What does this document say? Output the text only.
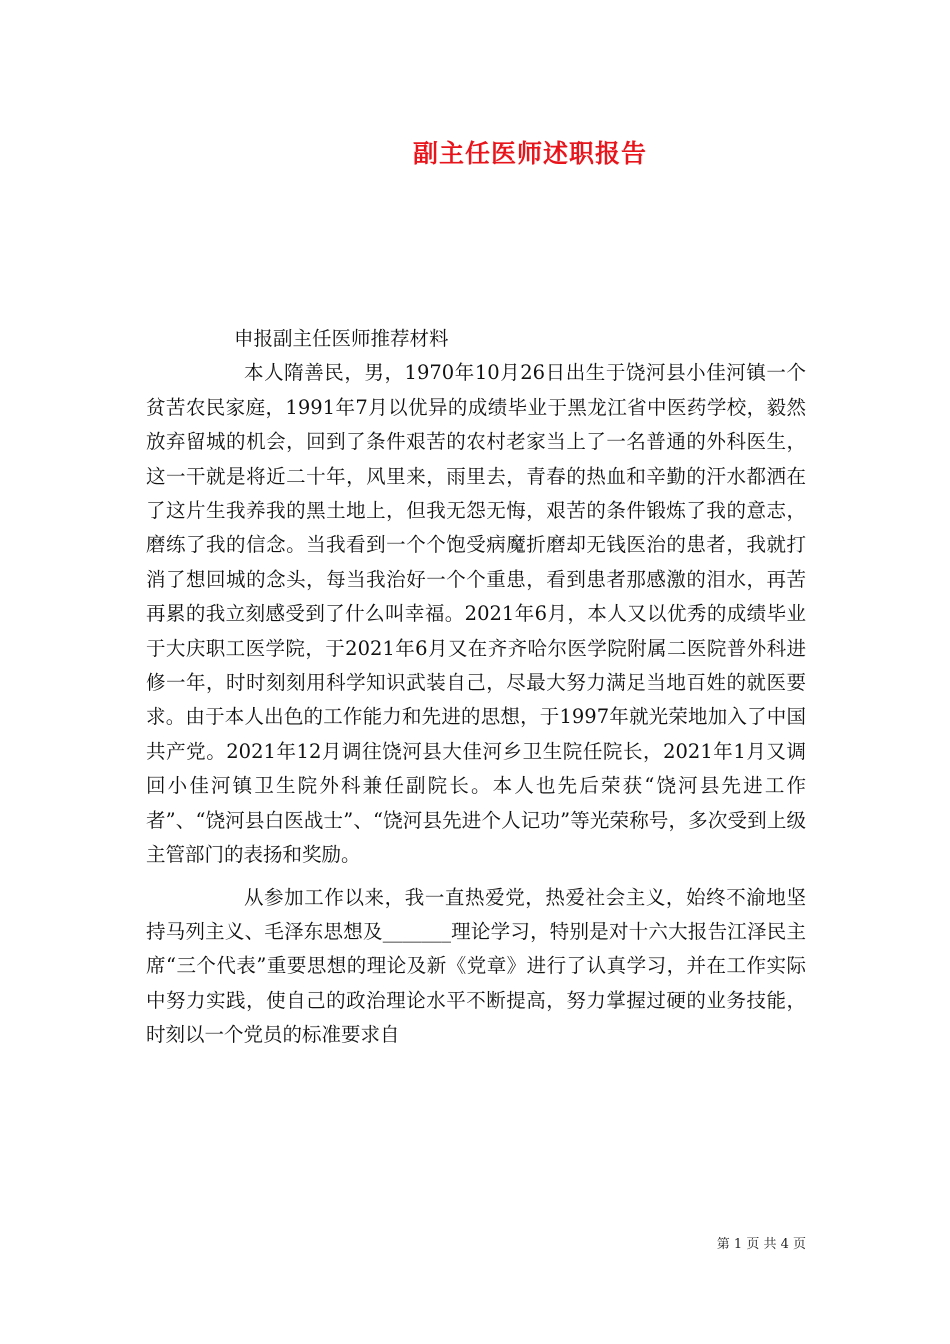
副主任医师述职报告
申报副主任医师推荐材料

本人隋善民，男，1970年10月26日出生于饶河县小佳河镇一个贫苦农民家庭，1991年7月以优异的成绩毕业于黑龙江省中医药学校，毅然放弃留城的机会，回到了条件艰苦的农村老家当上了一名普通的外科医生，这一干就是将近二十年，风里来，雨里去，青春的热血和辛勤的汗水都洒在了这片生我养我的黑土地上，但我无怨无悔，艰苦的条件锻炼了我的意志，磨练了我的信念。当我看到一个个饱受病魔折磨却无钱医治的患者，我就打消了想回城的念头，每当我治好一个个重患，看到患者那感激的泪水，再苦再累的我立刻感受到了什么叫幸福。2021年6月，本人又以优秀的成绩毕业于大庆职工医学院，于2021年6月又在齐齐哈尔医学院附属二医院普外科进修一年，时时刻刻用科学知识武装自己，尽最大努力满足当地百姓的就医要求。由于本人出色的工作能力和先进的思想，于1997年就光荣地加入了中国共产党。2021年12月调往饶河县大佳河乡卫生院任院长，2021年1月又调回小佳河镇卫生院外科兼任副院长。本人也先后荣获“饶河县先进工作者”、“饶河县白医战士”、“饶河县先进个人记功”等光荣称号，多次受到上级主管部门的表扬和奖励。

从参加工作以来，我一直热爱党，热爱社会主义，始终不渝地坚持马列主义、毛泽东思想及_______理论学习，特别是对十六大报告江泽民主席“三个代表”重要思想的理论及新《党章》进行了认真学习，并在工作实际中努力实践，使自己的政治理论水平不断提高，努力掌握过硬的业务技能，时刻以一个党员的标准要求自

第 1 页 共 4 页
